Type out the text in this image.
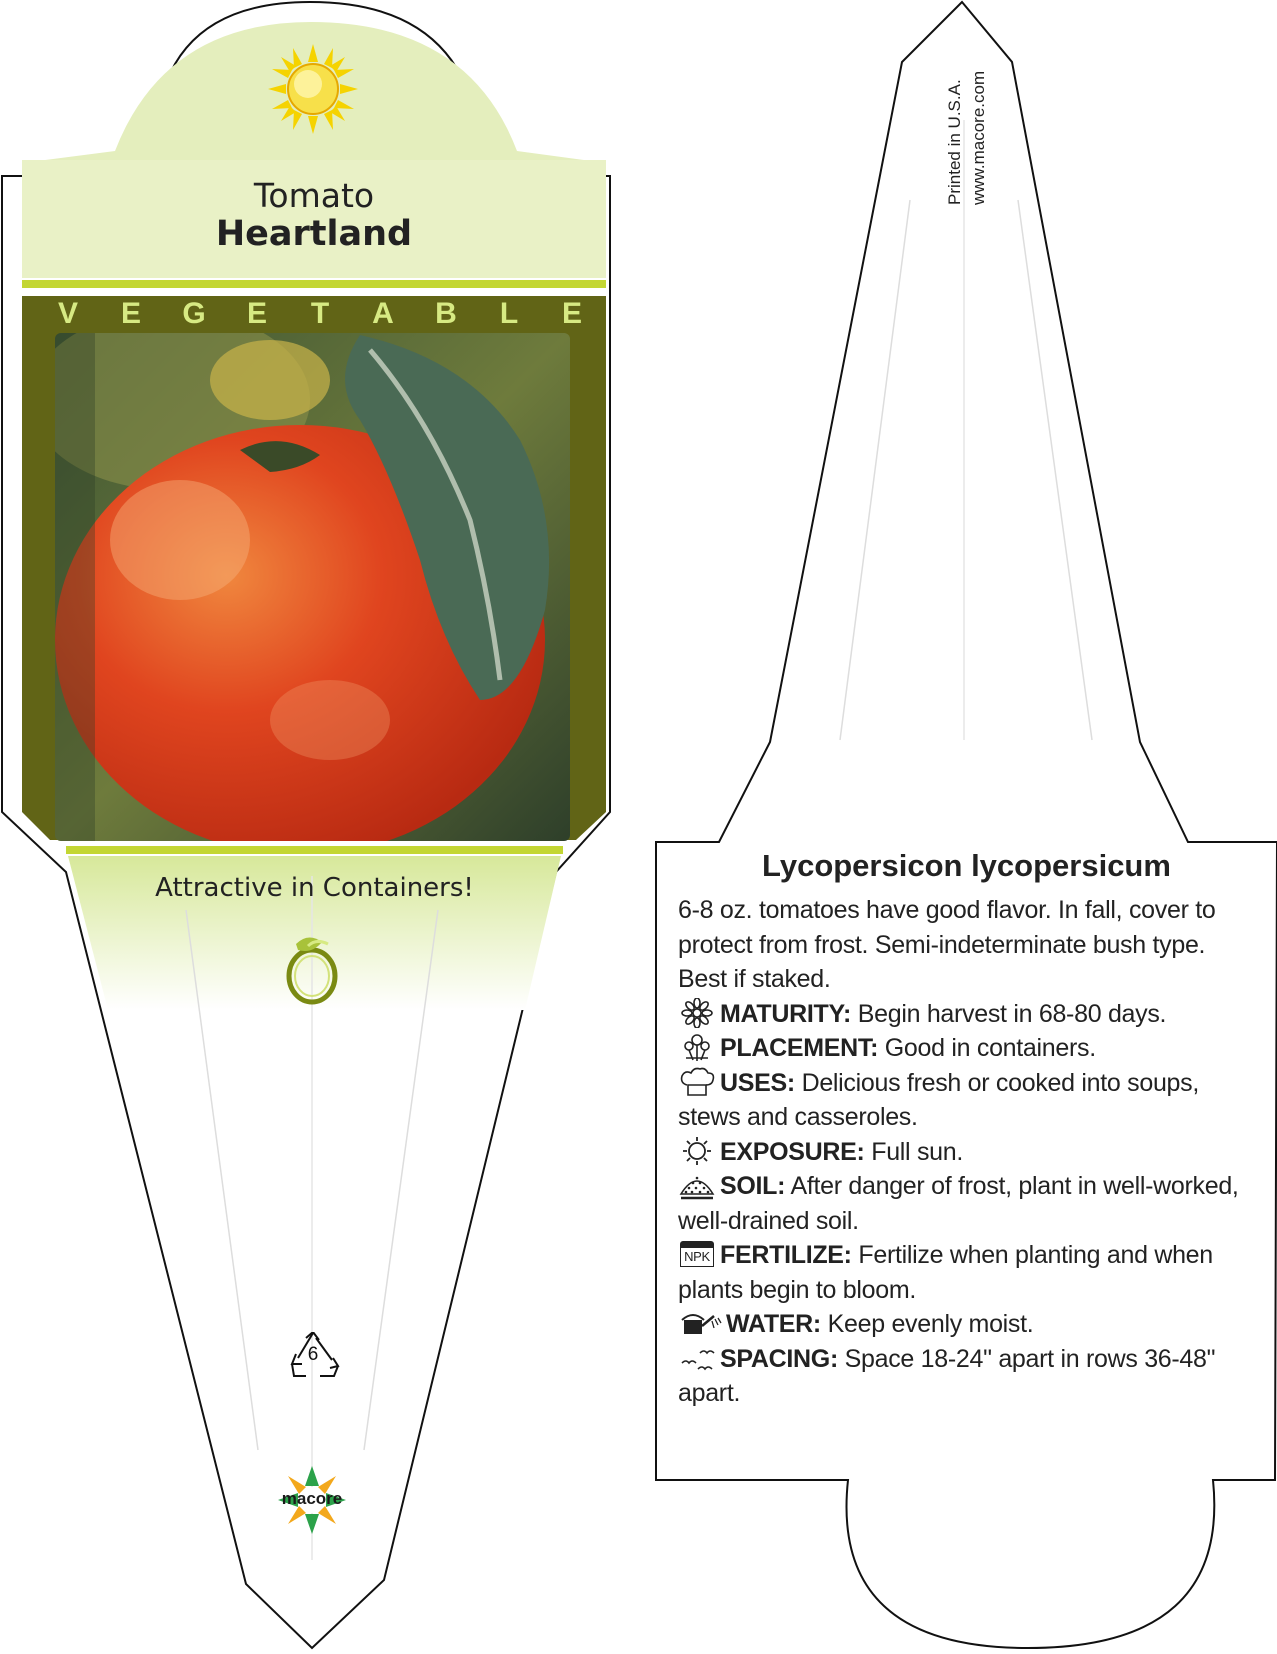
Tomato
Heartland
V	E	G	E	T	A	B	L	E
Attractive in Containers!
6
macore
Printed in U.S.A. www.macore.com
Lycopersicon lycopersicum
6-8 oz. tomatoes have good flavor. In fall, cover to protect from frost. Semi-indeterminate bush type. Best if staked.
MATURITY: Begin harvest in 68-80 days.
PLACEMENT: Good in containers.
USES: Delicious fresh or cooked into soups, stews and casseroles.
EXPOSURE: Full sun.
SOIL: After danger of frost, plant in well-worked, well-drained soil.
NPK FERTILIZE: Fertilize when planting and when plants begin to bloom.
WATER: Keep evenly moist.
SPACING: Space 18-24" apart in rows 36-48" apart.
